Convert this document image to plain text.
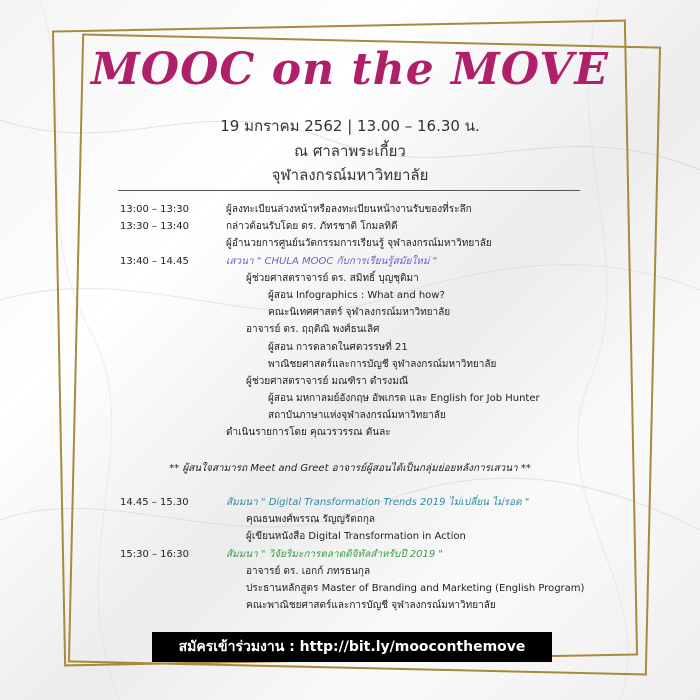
MOOC on the MOVE
19 มกราคม 2562 | 13.00 – 16.30 น.
ณ ศาลาพระเกี้ยว
จุฬาลงกรณ์มหาวิทยาลัย
13:00 – 13:30	ผู้ลงทะเบียนล่วงหน้าหรือลงทะเบียนหน้างานรับของที่ระลึก
13:30 – 13:40	กล่าวต้อนรับโดย ดร. ภัทรชาติ โกมลทิตี
ผู้อำนวยการศูนย์นวัตกรรมการเรียนรู้ จุฬาลงกรณ์มหาวิทยาลัย
13:40 – 14.45	เสวนา " CHULA MOOC กับการเรียนรู้สมัยใหม่ "
ผู้ช่วยศาสตราจารย์ ดร. สมิทธิ์ บุญชุติมา
ผู้สอน Infographics : What and how?
คณะนิเทศศาสตร์ จุฬาลงกรณ์มหาวิทยาลัย
อาจารย์ ดร. ฤฤติณิ พงศ์ธนเลิศ
ผู้สอน การตลาดในศตวรรษที่ 21
พาณิชยศาสตร์และการบัญชี จุฬาลงกรณ์มหาวิทยาลัย
ผู้ช่วยศาสตราจารย์ มณฑิรา ดำรงมณี
ผู้สอน มหกาลมย์อังกฤษ อัพเกรด และ English for Job Hunter
สถาบันภาษาแห่งจุฬาลงกรณ์มหาวิทยาลัย
ดำเนินรายการโดย คุณวรวรรณ ตันละ
** ผู้สนใจสามารถ Meet and Greet อาจารย์ผู้สอนได้เป็นกลุ่มย่อยหลังการเสวนา **
14.45 – 15.30	สัมมนา " Digital Transformation Trends 2019 ไม่เปลี่ยน ไม่รอด "
คุณธนพงศ์พรรณ รัญญรัตถกุล
ผู้เขียนหนังสือ Digital Transformation in Action
15:30 – 16:30	สัมมนา " วิจัยริมะการตลาดดิจิทัลสำหรับปี 2019 "
อาจารย์ ดร. เอกก์ ภทรธนกุล
ประธานหลักสูตร Master of Branding and Marketing (English Program)
คณะพาณิชยศาสตร์และการบัญชี จุฬาลงกรณ์มหาวิทยาลัย
สมัครเข้าร่วมงาน : http://bit.ly/mooconthemove
